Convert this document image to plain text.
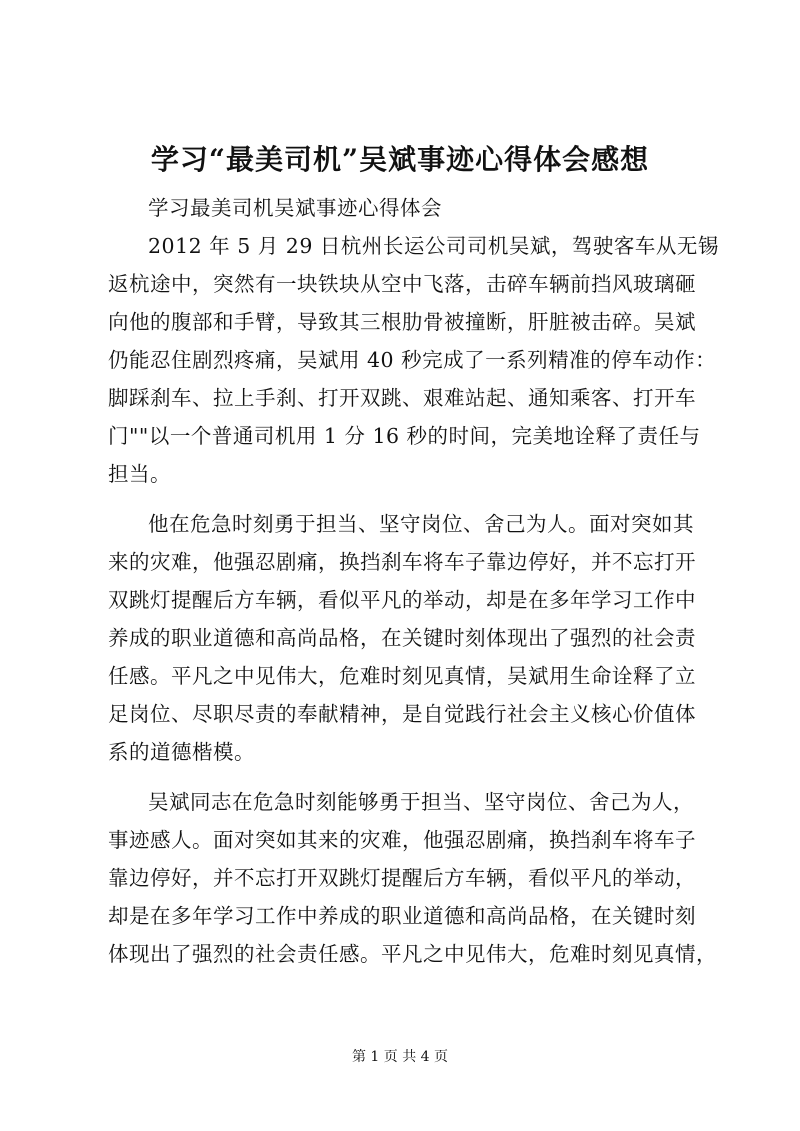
学习“最美司机”吴斌事迹心得体会感想
学习最美司机吴斌事迹心得体会
2012 年 5 月 29 日杭州长运公司司机吴斌，驾驶客车从无锡
返杭途中，突然有一块铁块从空中飞落，击碎车辆前挡风玻璃砸
向他的腹部和手臂，导致其三根肋骨被撞断，肝脏被击碎。吴斌
仍能忍住剧烈疼痛，吴斌用 40 秒完成了一系列精准的停车动作：
脚踩刹车、拉上手刹、打开双跳、艰难站起、通知乘客、打开车
门""以一个普通司机用 1 分 16 秒的时间，完美地诠释了责任与
担当。
他在危急时刻勇于担当、坚守岗位、舍己为人。面对突如其
来的灾难，他强忍剧痛，换挡刹车将车子靠边停好，并不忘打开
双跳灯提醒后方车辆，看似平凡的举动，却是在多年学习工作中
养成的职业道德和高尚品格，在关键时刻体现出了强烈的社会责
任感。平凡之中见伟大，危难时刻见真情，吴斌用生命诠释了立
足岗位、尽职尽责的奉献精神，是自觉践行社会主义核心价值体
系的道德楷模。
吴斌同志在危急时刻能够勇于担当、坚守岗位、舍己为人，
事迹感人。面对突如其来的灾难，他强忍剧痛，换挡刹车将车子
靠边停好，并不忘打开双跳灯提醒后方车辆，看似平凡的举动，
却是在多年学习工作中养成的职业道德和高尚品格，在关键时刻
体现出了强烈的社会责任感。平凡之中见伟大，危难时刻见真情，
第 1 页 共 4 页
